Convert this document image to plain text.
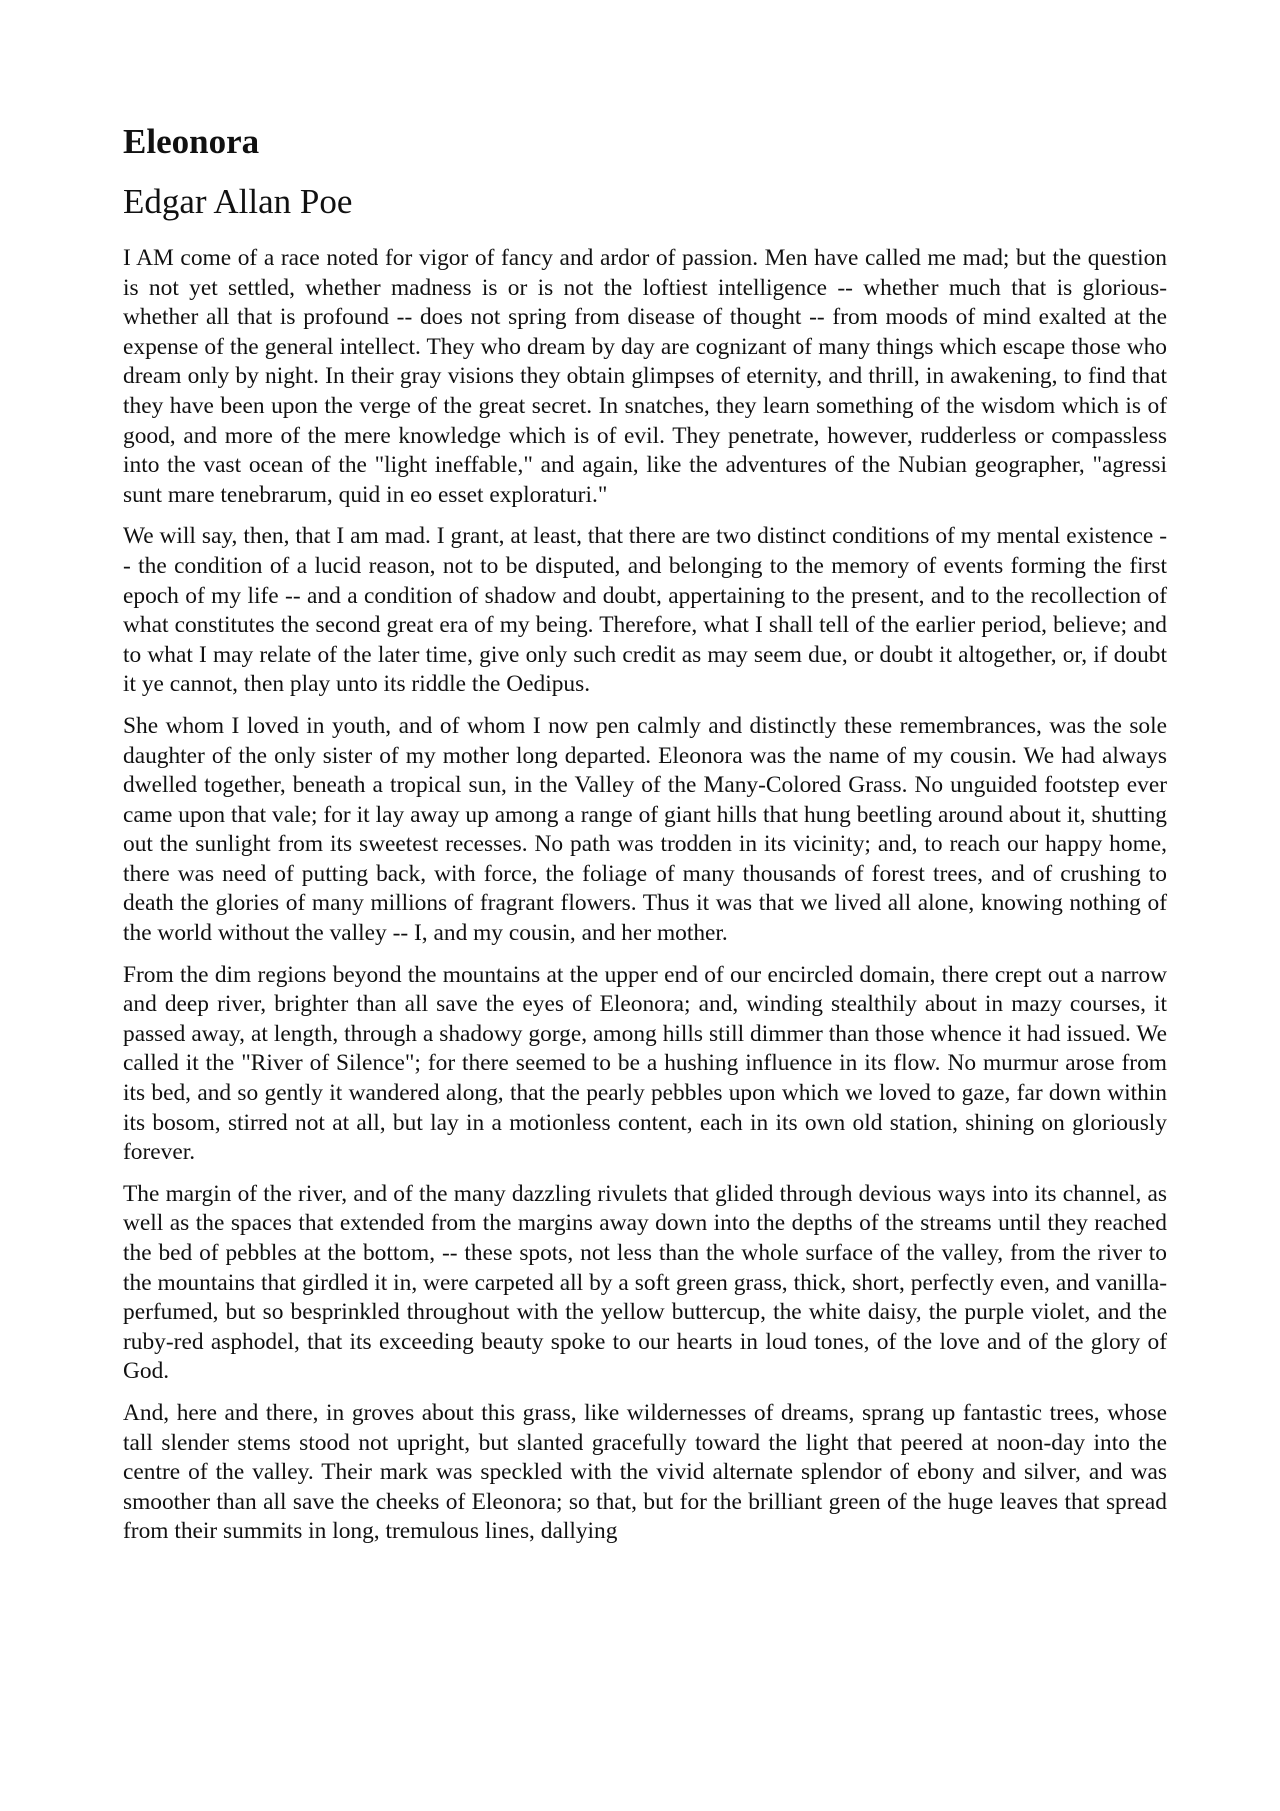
Eleonora
Edgar Allan Poe

I AM come of a race noted for vigor of fancy and ardor of passion. Men have called me mad; but the question is not yet settled, whether madness is or is not the loftiest intelligence -- whether much that is glorious- whether all that is profound -- does not spring from disease of thought -- from moods of mind exalted at the expense of the general intellect. They who dream by day are cognizant of many things which escape those who dream only by night. In their gray visions they obtain glimpses of eternity, and thrill, in awakening, to find that they have been upon the verge of the great secret. In snatches, they learn something of the wisdom which is of good, and more of the mere knowledge which is of evil. They penetrate, however, rudderless or compassless into the vast ocean of the "light ineffable," and again, like the adventures of the Nubian geographer, "agressi sunt mare tenebrarum, quid in eo esset exploraturi."

We will say, then, that I am mad. I grant, at least, that there are two distinct conditions of my mental existence -- the condition of a lucid reason, not to be disputed, and belonging to the memory of events forming the first epoch of my life -- and a condition of shadow and doubt, appertaining to the present, and to the recollection of what constitutes the second great era of my being. Therefore, what I shall tell of the earlier period, believe; and to what I may relate of the later time, give only such credit as may seem due, or doubt it altogether, or, if doubt it ye cannot, then play unto its riddle the Oedipus.

She whom I loved in youth, and of whom I now pen calmly and distinctly these remembrances, was the sole daughter of the only sister of my mother long departed. Eleonora was the name of my cousin. We had always dwelled together, beneath a tropical sun, in the Valley of the Many-Colored Grass. No unguided footstep ever came upon that vale; for it lay away up among a range of giant hills that hung beetling around about it, shutting out the sunlight from its sweetest recesses. No path was trodden in its vicinity; and, to reach our happy home, there was need of putting back, with force, the foliage of many thousands of forest trees, and of crushing to death the glories of many millions of fragrant flowers. Thus it was that we lived all alone, knowing nothing of the world without the valley -- I, and my cousin, and her mother.

From the dim regions beyond the mountains at the upper end of our encircled domain, there crept out a narrow and deep river, brighter than all save the eyes of Eleonora; and, winding stealthily about in mazy courses, it passed away, at length, through a shadowy gorge, among hills still dimmer than those whence it had issued. We called it the "River of Silence"; for there seemed to be a hushing influence in its flow. No murmur arose from its bed, and so gently it wandered along, that the pearly pebbles upon which we loved to gaze, far down within its bosom, stirred not at all, but lay in a motionless content, each in its own old station, shining on gloriously forever.

The margin of the river, and of the many dazzling rivulets that glided through devious ways into its channel, as well as the spaces that extended from the margins away down into the depths of the streams until they reached the bed of pebbles at the bottom, -- these spots, not less than the whole surface of the valley, from the river to the mountains that girdled it in, were carpeted all by a soft green grass, thick, short, perfectly even, and vanilla-perfumed, but so besprinkled throughout with the yellow buttercup, the white daisy, the purple violet, and the ruby-red asphodel, that its exceeding beauty spoke to our hearts in loud tones, of the love and of the glory of God.

And, here and there, in groves about this grass, like wildernesses of dreams, sprang up fantastic trees, whose tall slender stems stood not upright, but slanted gracefully toward the light that peered at noon-day into the centre of the valley. Their mark was speckled with the vivid alternate splendor of ebony and silver, and was smoother than all save the cheeks of Eleonora; so that, but for the brilliant green of the huge leaves that spread from their summits in long, tremulous lines, dallying
